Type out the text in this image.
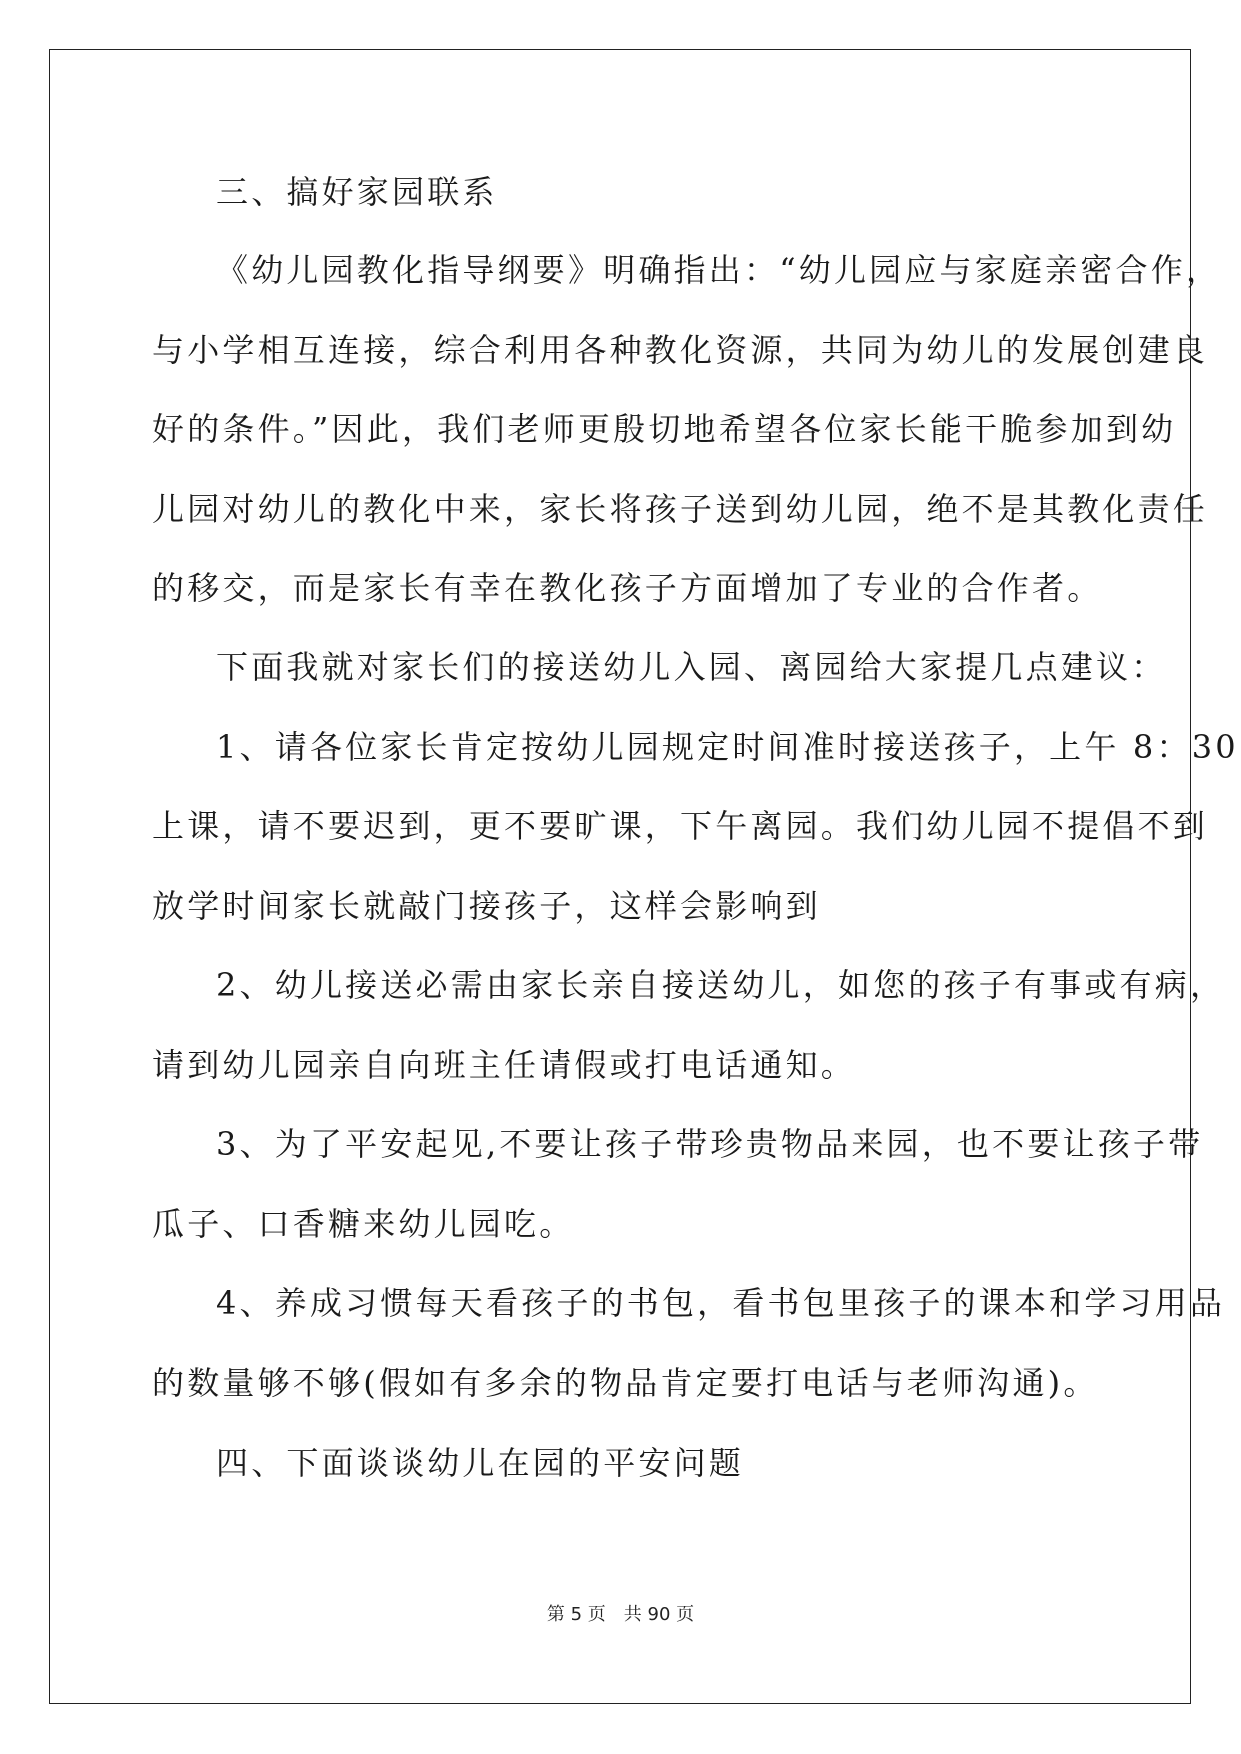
三、搞好家园联系
《幼儿园教化指导纲要》明确指出：“幼儿园应与家庭亲密合作，
与小学相互连接，综合利用各种教化资源，共同为幼儿的发展创建良
好的条件。”因此，我们老师更殷切地希望各位家长能干脆参加到幼
儿园对幼儿的教化中来，家长将孩子送到幼儿园，绝不是其教化责任
的移交，而是家长有幸在教化孩子方面增加了专业的合作者。
下面我就对家长们的接送幼儿入园、离园给大家提几点建议：
1、请各位家长肯定按幼儿园规定时间准时接送孩子，上午 8：30
上课，请不要迟到，更不要旷课，下午离园。我们幼儿园不提倡不到
放学时间家长就敲门接孩子，这样会影响到
2、幼儿接送必需由家长亲自接送幼儿，如您的孩子有事或有病，
请到幼儿园亲自向班主任请假或打电话通知。
3、为了平安起见,不要让孩子带珍贵物品来园，也不要让孩子带
瓜子、口香糖来幼儿园吃。
4、养成习惯每天看孩子的书包，看书包里孩子的课本和学习用品
的数量够不够(假如有多余的物品肯定要打电话与老师沟通)。
四、下面谈谈幼儿在园的平安问题
第 5 页　共 90 页
